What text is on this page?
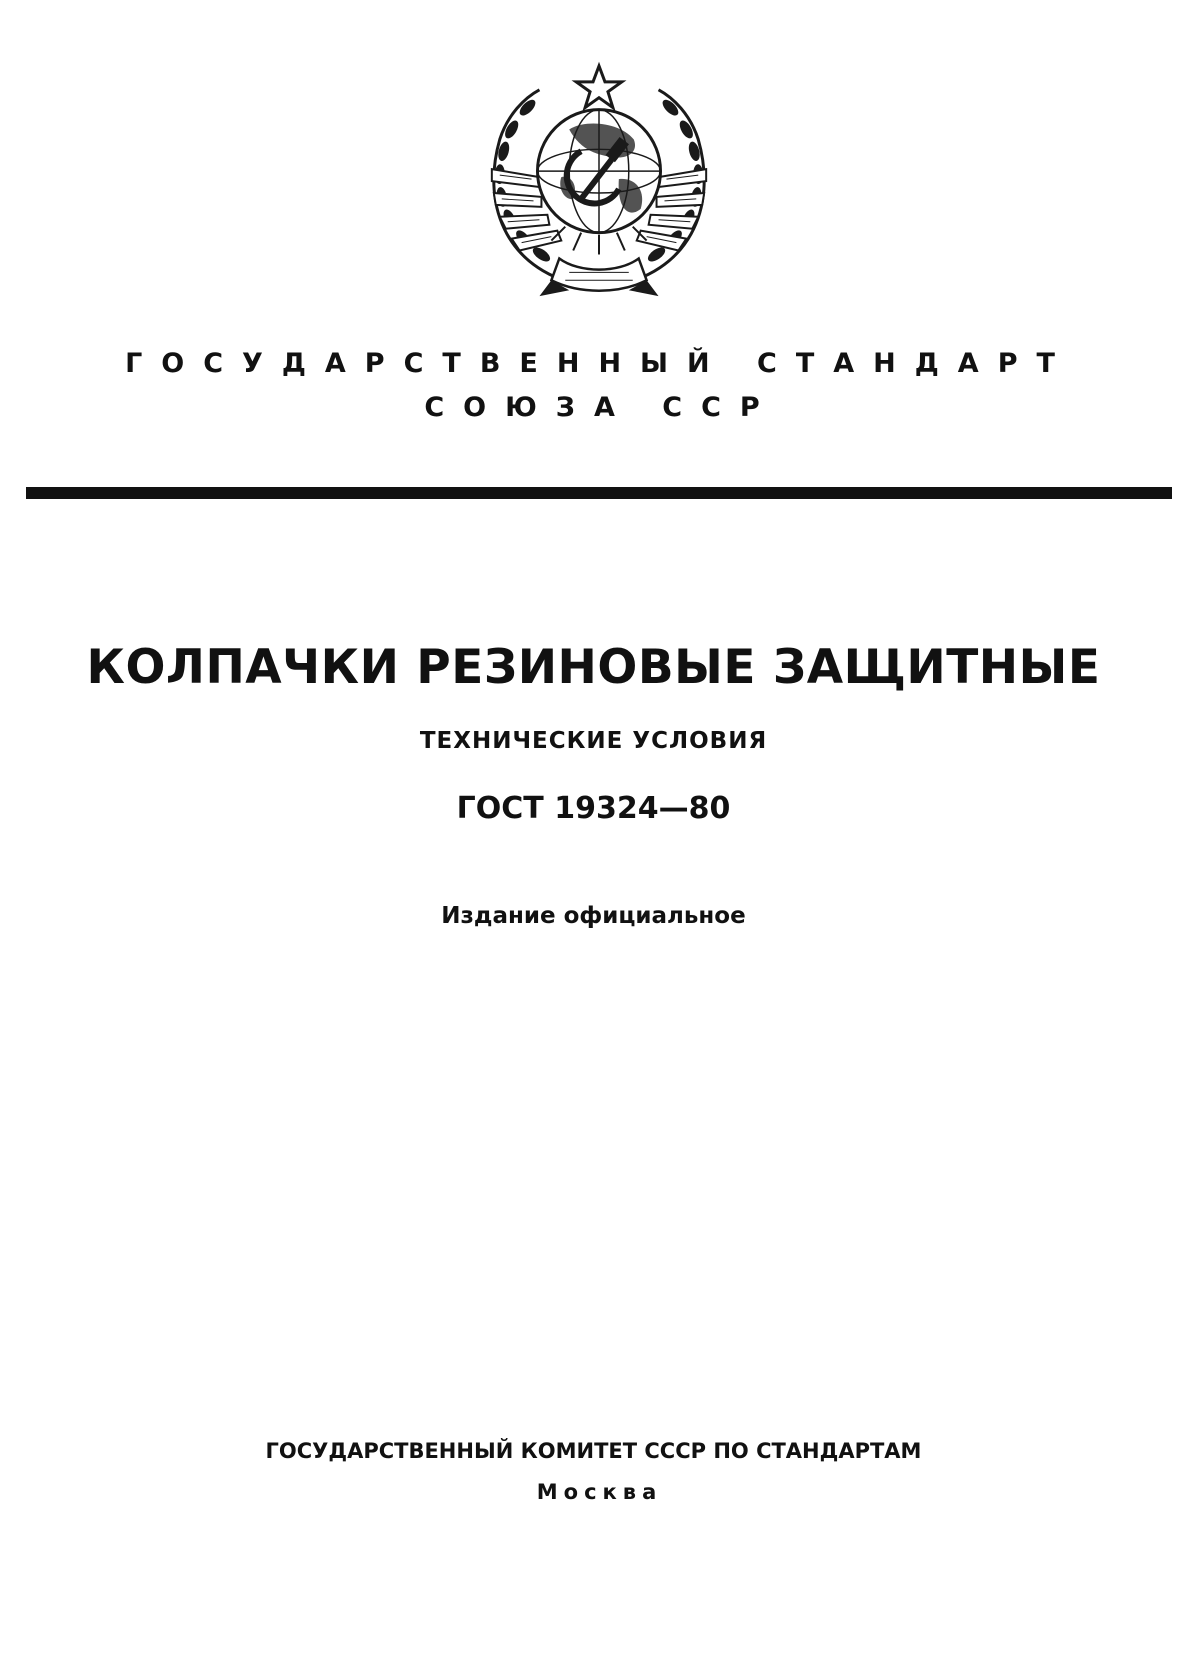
ГОСУДАРСТВЕННЫЙ СТАНДАРТ
СОЮЗА ССР
КОЛПАЧКИ РЕЗИНОВЫЕ ЗАЩИТНЫЕ
ТЕХНИЧЕСКИЕ УСЛОВИЯ
ГОСТ 19324—80
Издание официальное
ГОСУДАРСТВЕННЫЙ КОМИТЕТ СССР ПО СТАНДАРТАМ
Москва
